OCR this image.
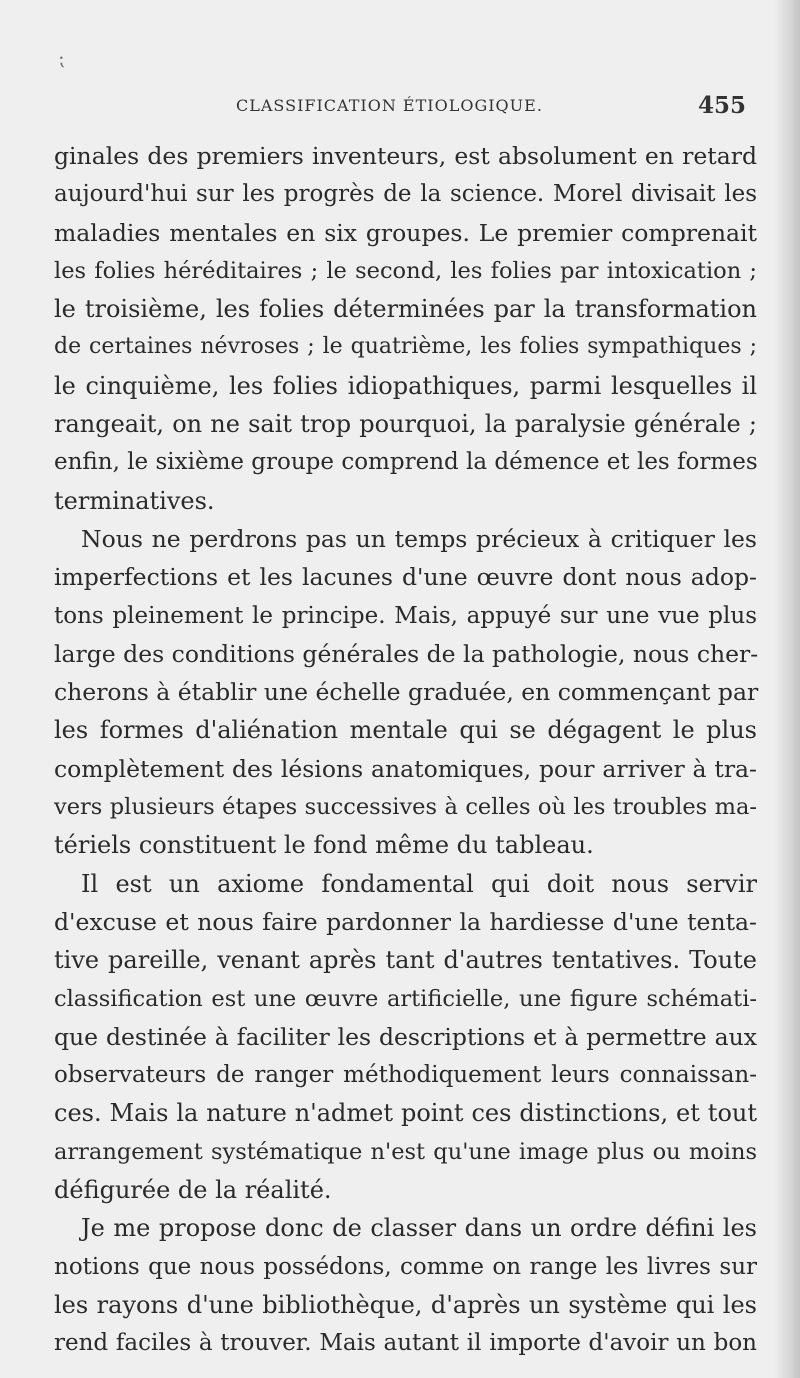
⁏
CLASSIFICATION ÉTIOLOGIQUE.	455
ginales des premiers inventeurs, est absolument en retard
aujourd'hui sur les progrès de la science. Morel divisait les
maladies mentales en six groupes. Le premier comprenait
les folies héréditaires ; le second, les folies par intoxication ;
le troisième, les folies déterminées par la transformation
de certaines névroses ; le quatrième, les folies sympathiques ;
le cinquième, les folies idiopathiques, parmi lesquelles il
rangeait, on ne sait trop pourquoi, la paralysie générale ;
enfin, le sixième groupe comprend la démence et les formes
terminatives.
Nous ne perdrons pas un temps précieux à critiquer les
imperfections et les lacunes d'une œuvre dont nous adop-
tons pleinement le principe. Mais, appuyé sur une vue plus
large des conditions générales de la pathologie, nous cher-
cherons à établir une échelle graduée, en commençant par
les formes d'aliénation mentale qui se dégagent le plus
complètement des lésions anatomiques, pour arriver à tra-
vers plusieurs étapes successives à celles où les troubles ma-
tériels constituent le fond même du tableau.
Il est un axiome fondamental qui doit nous servir
d'excuse et nous faire pardonner la hardiesse d'une tenta-
tive pareille, venant après tant d'autres tentatives. Toute
classification est une œuvre artificielle, une figure schémati-
que destinée à faciliter les descriptions et à permettre aux
observateurs de ranger méthodiquement leurs connaissan-
ces. Mais la nature n'admet point ces distinctions, et tout
arrangement systématique n'est qu'une image plus ou moins
défigurée de la réalité.
Je me propose donc de classer dans un ordre défini les
notions que nous possédons, comme on range les livres sur
les rayons d'une bibliothèque, d'après un système qui les
rend faciles à trouver. Mais autant il importe d'avoir un bon
